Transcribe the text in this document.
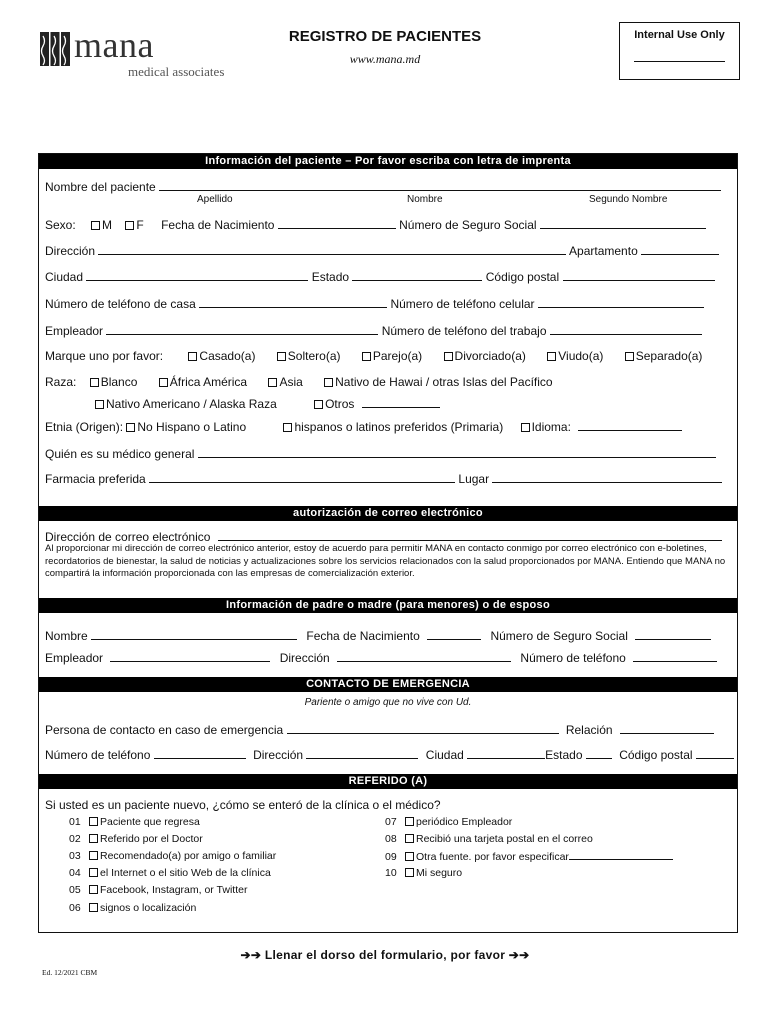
mana
medical associates
REGISTRO DE PACIENTES
www.mana.md
Internal Use Only
Información del paciente – Por favor escriba con letra de imprenta
Nombre del paciente
Apellido	Nombre	Segundo Nombre
Sexo: M F Fecha de Nacimiento	Número de Seguro Social
Dirección	Apartamento
Ciudad	Estado	Código postal
Número de teléfono de casa	Número de teléfono celular
Empleador	Número de teléfono del trabajo
Marque uno por favor:	Casado(a)	Soltero(a)	Parejo(a)	Divorciado(a)	Viudo(a)	Separado(a)
Raza: Blanco	África América	Asia	Nativo de Hawai / otras Islas del Pacífico
Nativo Americano / Alaska Raza	Otros
Etnia (Origen): No Hispano o Latino	hispanos o latinos preferidos (Primaria) Idioma:
Quién es su médico general
Farmacia preferida	Lugar
autorización de correo electrónico
Dirección de correo electrónico
Al proporcionar mi dirección de correo electrónico anterior, estoy de acuerdo para permitir MANA en contacto conmigo por correo electrónico con e-boletines, recordatorios de bienestar, la salud de noticias y actualizaciones sobre los servicios relacionados con la salud proporcionados por MANA. Entiendo que MANA no compartirá la información proporcionada con las empresas de comercialización exterior.
Información de padre o madre (para menores) o de esposo
Nombre	Fecha de Nacimiento	Número de Seguro Social
Empleador	Dirección	Número de teléfono
CONTACTO DE EMERGENCIA
Pariente o amigo que no vive con Ud.
Persona de contacto en caso de emergencia	Relación
Número de teléfono	Dirección	Ciudad	Estado	Código postal
REFERIDO (A)
Si usted es un paciente nuevo, ¿cómo se enteró de la clínica o el médico?
01 Paciente que regresa
02 Referido por el Doctor
03 Recomendado(a) por amigo o familiar
04 el Internet o el sitio Web de la clínica
05 Facebook, Instagram, or Twitter
06 signos o localización
07 periódico Empleador
08 Recibió una tarjeta postal en el correo
09 Otra fuente. por favor especificar
10 Mi seguro
➔➔ Llenar el dorso del formulario, por favor ➔➔
Ed. 12/2021 CBM
